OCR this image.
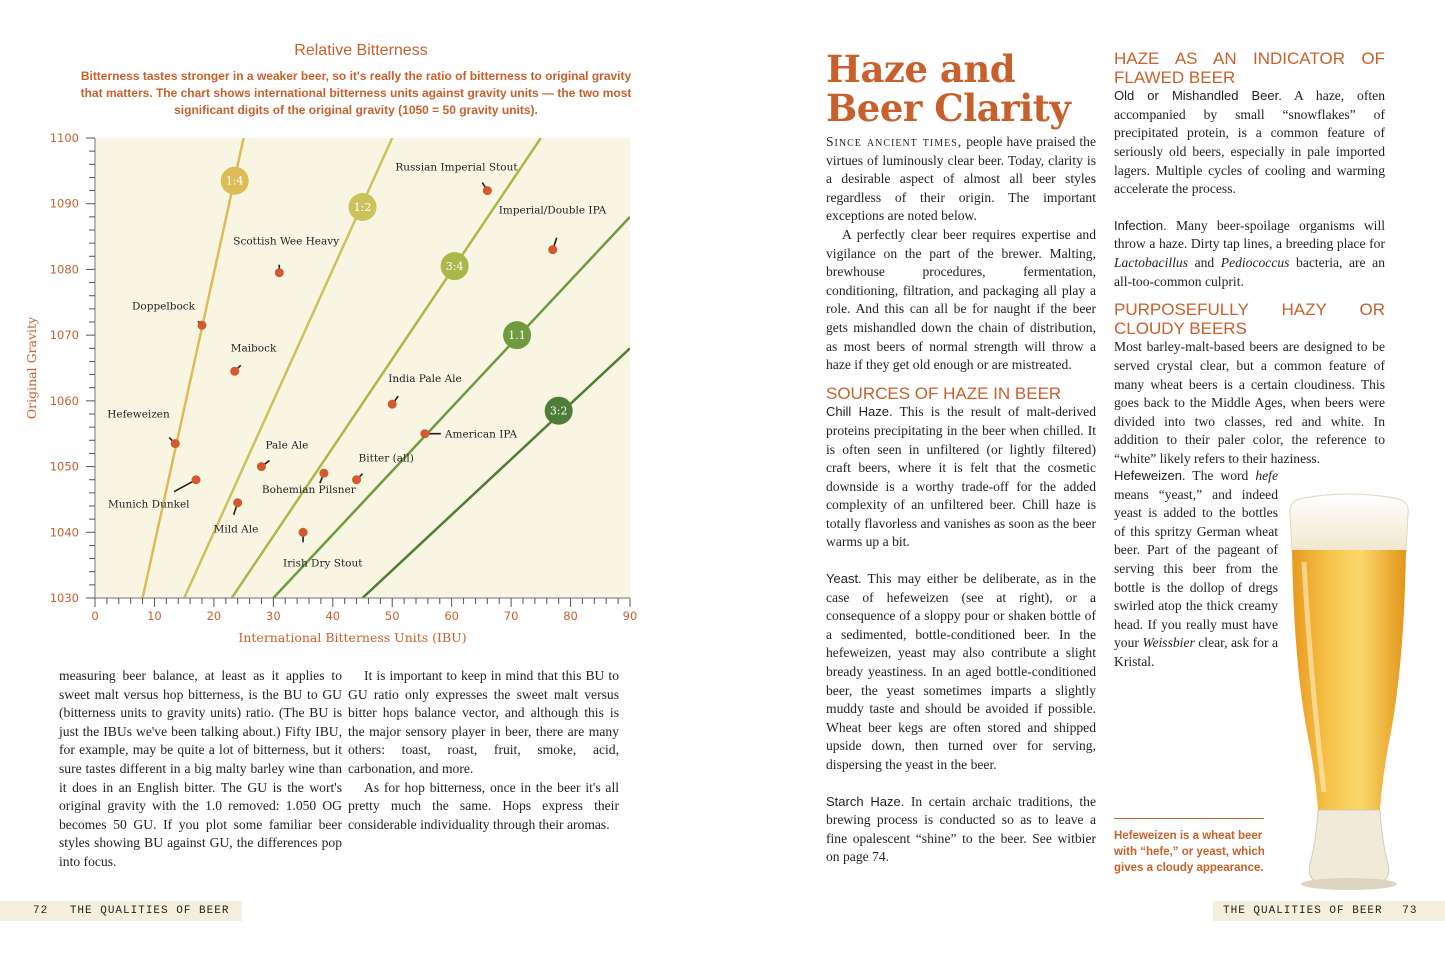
Relative Bitterness
Bitterness tastes stronger in a weaker beer, so it's really the ratio of bitterness to original gravity that matters. The chart shows international bitterness units against gravity units — the two most significant digits of the original gravity (1050 = 50 gravity units).
1:4
1:2
3:4
1.1
3:2
Russian Imperial Stout
Imperial/Double IPA
Scottish Wee Heavy
Doppelbock
Maibock
India Pale Ale
Hefeweizen
American IPA
Pale Ale
Bitter (all)
Bohemian Pilsner
Munich Dunkel
Mild Ale
Irish Dry Stout
0	10	20	30	40	50	60	70	80	90
1030
1040
1050
1060
1070
1080
1090
1100
International Bitterness Units (IBU)
Original Gravity

measuring beer balance, at least as it applies to sweet malt versus hop bitterness, is the BU to GU (bitterness units to gravity units) ratio. (The BU is just the IBUs we've been talking about.) Fifty IBU, for example, may be quite a lot of bitterness, but it sure tastes different in a big malty barley wine than it does in an English bitter. The GU is the wort's original gravity with the 1.0 removed: 1.050 OG becomes 50 GU. If you plot some familiar beer styles showing BU against GU, the differences pop into focus.

It is important to keep in mind that this BU to GU ratio only expresses the sweet malt versus bitter hops balance vector, and although this is the major sensory player in beer, there are many others: toast, roast, fruit, smoke, acid, carbonation, and more.

As for hop bitterness, once in the beer it's all pretty much the same. Hops express their considerable individuality through their aromas.

72 THE QUALITIES OF BEER
Haze and Beer Clarity

Since ancient times, people have praised the virtues of luminously clear beer. Today, clarity is a desirable aspect of almost all beer styles regardless of their origin. The important exceptions are noted below.

A perfectly clear beer requires expertise and vigilance on the part of the brewer. Malting, brewhouse procedures, fermentation, conditioning, filtration, and packaging all play a role. And this can all be for naught if the beer gets mishandled down the chain of distribution, as most beers of normal strength will throw a haze if they get old enough or are mistreated.

SOURCES OF HAZE IN BEER

Chill Haze. This is the result of malt-derived proteins precipitating in the beer when chilled. It is often seen in unfiltered (or lightly filtered) craft beers, where it is felt that the cosmetic downside is a worthy trade-off for the added complexity of an unfiltered beer. Chill haze is totally flavorless and vanishes as soon as the beer warms up a bit.

Yeast. This may either be deliberate, as in the case of hefeweizen (see at right), or a consequence of a sloppy pour or shaken bottle of a sedimented, bottle-conditioned beer. In the hefeweizen, yeast may also contribute a slight bready yeastiness. In an aged bottle-conditioned beer, the yeast sometimes imparts a slightly muddy taste and should be avoided if possible. Wheat beer kegs are often stored and shipped upside down, then turned over for serving, dispersing the yeast in the beer.

Starch Haze. In certain archaic traditions, the brewing process is conducted so as to leave a fine opalescent “shine” to the beer. See witbier on page 74.

HAZE AS AN INDICATOR OF FLAWED BEER

Old or Mishandled Beer. A haze, often accompanied by small “snowflakes” of precipitated protein, is a common feature of seriously old beers, especially in pale imported lagers. Multiple cycles of cooling and warming accelerate the process.

Infection. Many beer-spoilage organisms will throw a haze. Dirty tap lines, a breeding place for Lactobacillus and Pediococcus bacteria, are an all-too-common culprit.

PURPOSEFULLY HAZY OR CLOUDY BEERS

Most barley-malt-based beers are designed to be served crystal clear, but a common feature of many wheat beers is a certain cloudiness. This goes back to the Middle Ages, when beers were divided into two classes, red and white. In addition to their paler color, the reference to “white” likely refers to their haziness.

Hefeweizen. The word hefe means “yeast,” and indeed yeast is added to the bottles of this spritzy German wheat beer. Part of the pageant of serving this beer from the bottle is the dollop of dregs swirled atop the thick creamy head. If you really must have your Weissbier clear, ask for a Kristal.

Hefeweizen is a wheat beer with “hefe,” or yeast, which gives a cloudy appearance.
THE QUALITIES OF BEER 73
